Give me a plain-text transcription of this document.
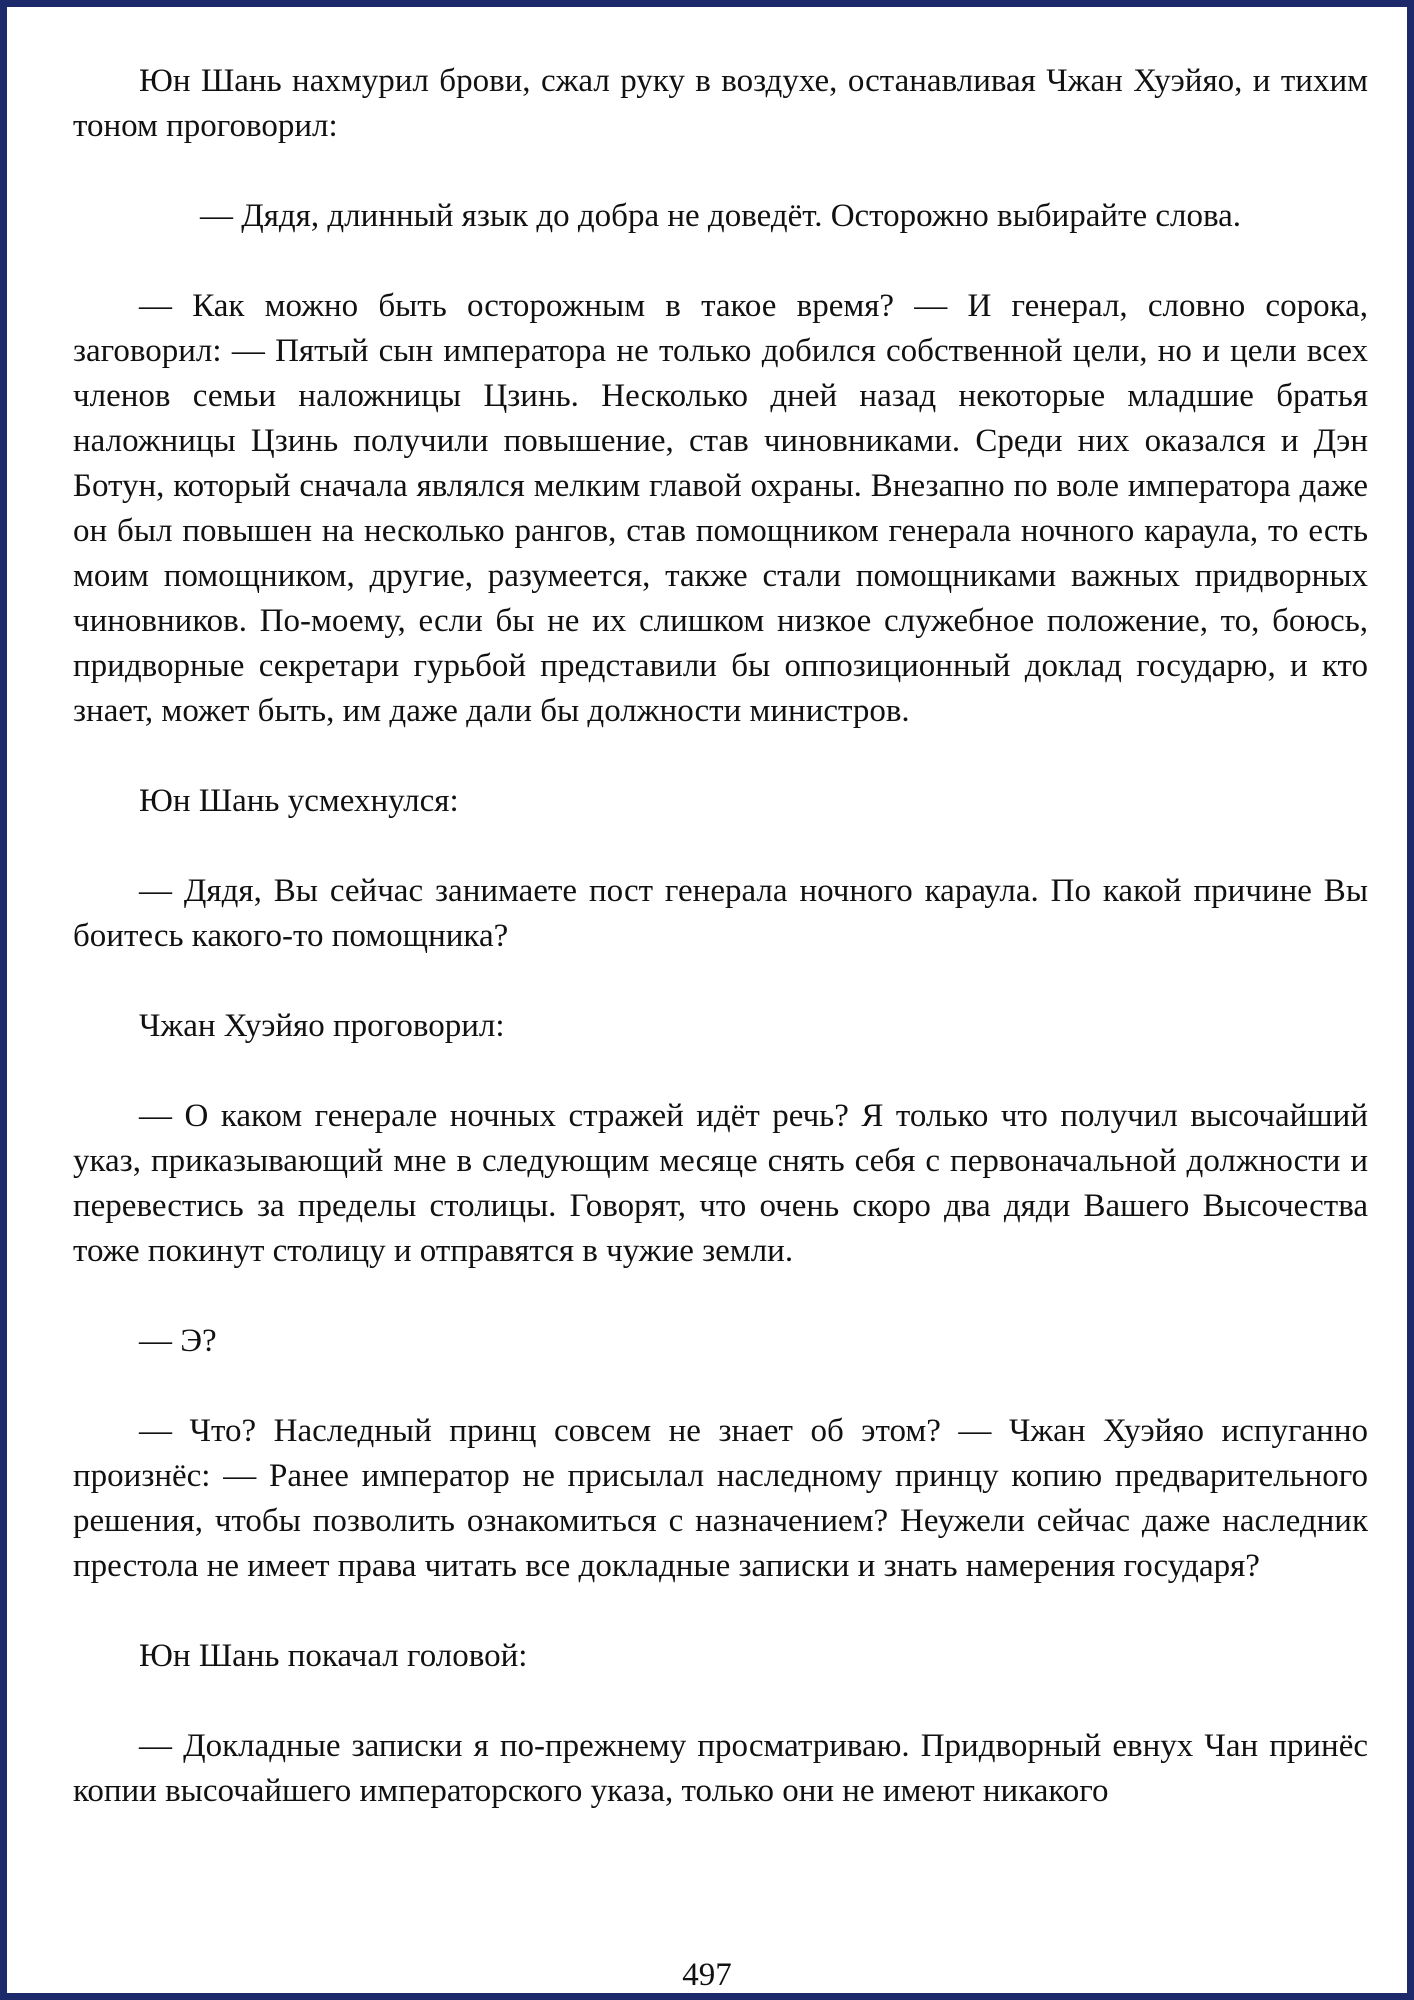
Юн Шань нахмурил брови, сжал руку в воздухе, останавливая Чжан Хуэйяо, и тихим тоном проговорил:

— Дядя, длинный язык до добра не доведёт. Осторожно выбирайте слова.

— Как можно быть осторожным в такое время? — И генерал, словно сорока, заговорил: — Пятый сын императора не только добился собственной цели, но и цели всех членов семьи наложницы Цзинь. Несколько дней назад некоторые младшие братья наложницы Цзинь получили повышение, став чиновниками. Среди них оказался и Дэн Ботун, который сначала являлся мелким главой охраны. Внезапно по воле императора даже он был повышен на несколько рангов, став помощником генерала ночного караула, то есть моим помощником, другие, разумеется, также стали помощниками важных придворных чиновников. По-моему, если бы не их слишком низкое служебное положение, то, боюсь, придворные секретари гурьбой представили бы оппозиционный доклад государю, и кто знает, может быть, им даже дали бы должности министров.

Юн Шань усмехнулся:

— Дядя, Вы сейчас занимаете пост генерала ночного караула. По какой причине Вы боитесь какого-то помощника?

Чжан Хуэйяо проговорил:

— О каком генерале ночных стражей идёт речь? Я только что получил высочайший указ, приказывающий мне в следующим месяце снять себя с первоначальной должности и перевестись за пределы столицы. Говорят, что очень скоро два дяди Вашего Высочества тоже покинут столицу и отправятся в чужие земли.

— Э?

— Что? Наследный принц совсем не знает об этом? — Чжан Хуэйяо испуганно произнёс: — Ранее император не присылал наследному принцу копию предварительного решения, чтобы позволить ознакомиться с назначением? Неужели сейчас даже наследник престола не имеет права читать все докладные записки и знать намерения государя?

Юн Шань покачал головой:

— Докладные записки я по-прежнему просматриваю. Придворный евнух Чан принёс копии высочайшего императорского указа, только они не имеют никакого

497
